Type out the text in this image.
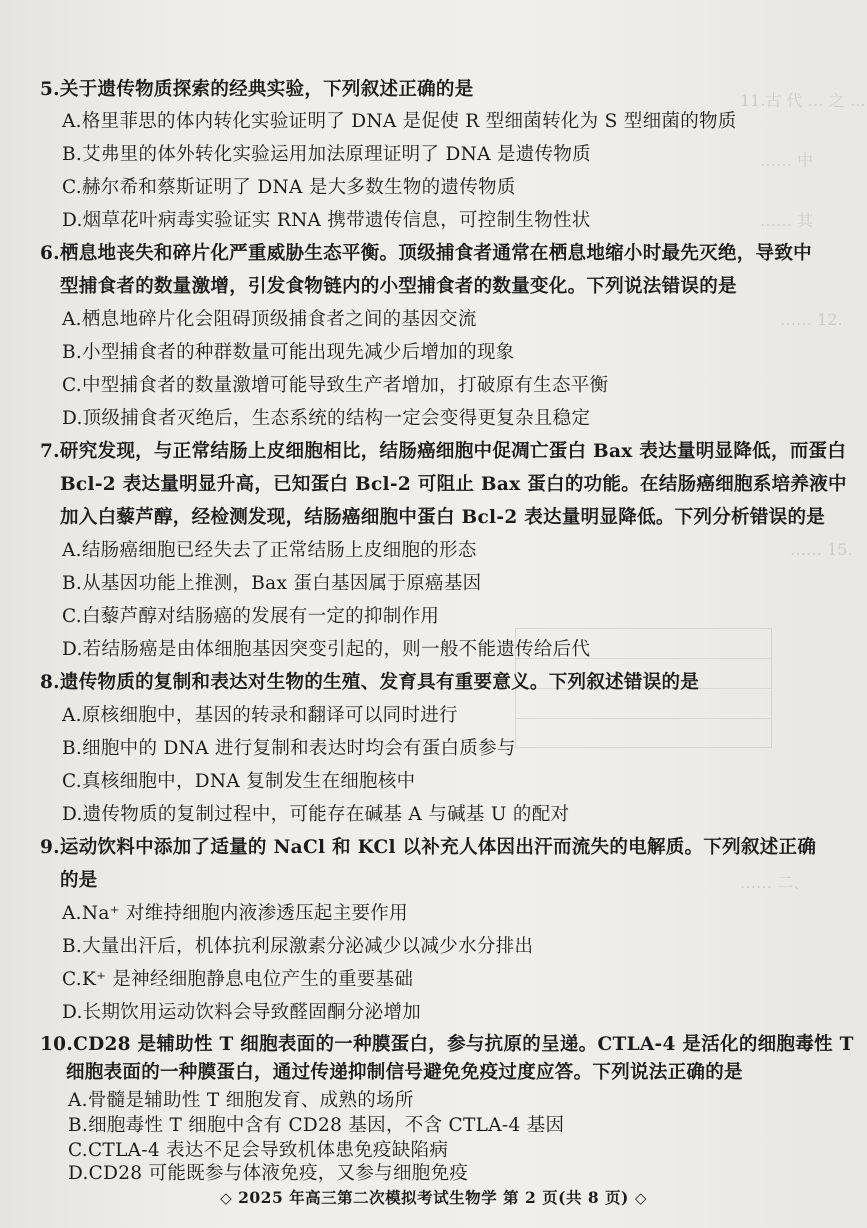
11.古 代 … 之 …
…… 中
…… 其
…… 12.
…… 15.
…… 二、
5.关于遗传物质探索的经典实验，下列叙述正确的是
A.格里菲思的体内转化实验证明了 DNA 是促使 R 型细菌转化为 S 型细菌的物质
B.艾弗里的体外转化实验运用加法原理证明了 DNA 是遗传物质
C.赫尔希和蔡斯证明了 DNA 是大多数生物的遗传物质
D.烟草花叶病毒实验证实 RNA 携带遗传信息，可控制生物性状
6.栖息地丧失和碎片化严重威胁生态平衡。顶级捕食者通常在栖息地缩小时最先灭绝，导致中
型捕食者的数量激增，引发食物链内的小型捕食者的数量变化。下列说法错误的是
A.栖息地碎片化会阻碍顶级捕食者之间的基因交流
B.小型捕食者的种群数量可能出现先减少后增加的现象
C.中型捕食者的数量激增可能导致生产者增加，打破原有生态平衡
D.顶级捕食者灭绝后，生态系统的结构一定会变得更复杂且稳定
7.研究发现，与正常结肠上皮细胞相比，结肠癌细胞中促凋亡蛋白 Bax 表达量明显降低，而蛋白
Bcl-2 表达量明显升高，已知蛋白 Bcl-2 可阻止 Bax 蛋白的功能。在结肠癌细胞系培养液中
加入白藜芦醇，经检测发现，结肠癌细胞中蛋白 Bcl-2 表达量明显降低。下列分析错误的是
A.结肠癌细胞已经失去了正常结肠上皮细胞的形态
B.从基因功能上推测，Bax 蛋白基因属于原癌基因
C.白藜芦醇对结肠癌的发展有一定的抑制作用
D.若结肠癌是由体细胞基因突变引起的，则一般不能遗传给后代
8.遗传物质的复制和表达对生物的生殖、发育具有重要意义。下列叙述错误的是
A.原核细胞中，基因的转录和翻译可以同时进行
B.细胞中的 DNA 进行复制和表达时均会有蛋白质参与
C.真核细胞中，DNA 复制发生在细胞核中
D.遗传物质的复制过程中，可能存在碱基 A 与碱基 U 的配对
9.运动饮料中添加了适量的 NaCl 和 KCl 以补充人体因出汗而流失的电解质。下列叙述正确
的是
A.Na⁺ 对维持细胞内液渗透压起主要作用
B.大量出汗后，机体抗利尿激素分泌减少以减少水分排出
C.K⁺ 是神经细胞静息电位产生的重要基础
D.长期饮用运动饮料会导致醛固酮分泌增加
10.CD28 是辅助性 T 细胞表面的一种膜蛋白，参与抗原的呈递。CTLA-4 是活化的细胞毒性 T
细胞表面的一种膜蛋白，通过传递抑制信号避免免疫过度应答。下列说法正确的是
A.骨髓是辅助性 T 细胞发育、成熟的场所
B.细胞毒性 T 细胞中含有 CD28 基因，不含 CTLA-4 基因
C.CTLA-4 表达不足会导致机体患免疫缺陷病
D.CD28 可能既参与体液免疫，又参与细胞免疫
◇ 2025 年高三第二次模拟考试生物学 第 2 页(共 8 页) ◇
